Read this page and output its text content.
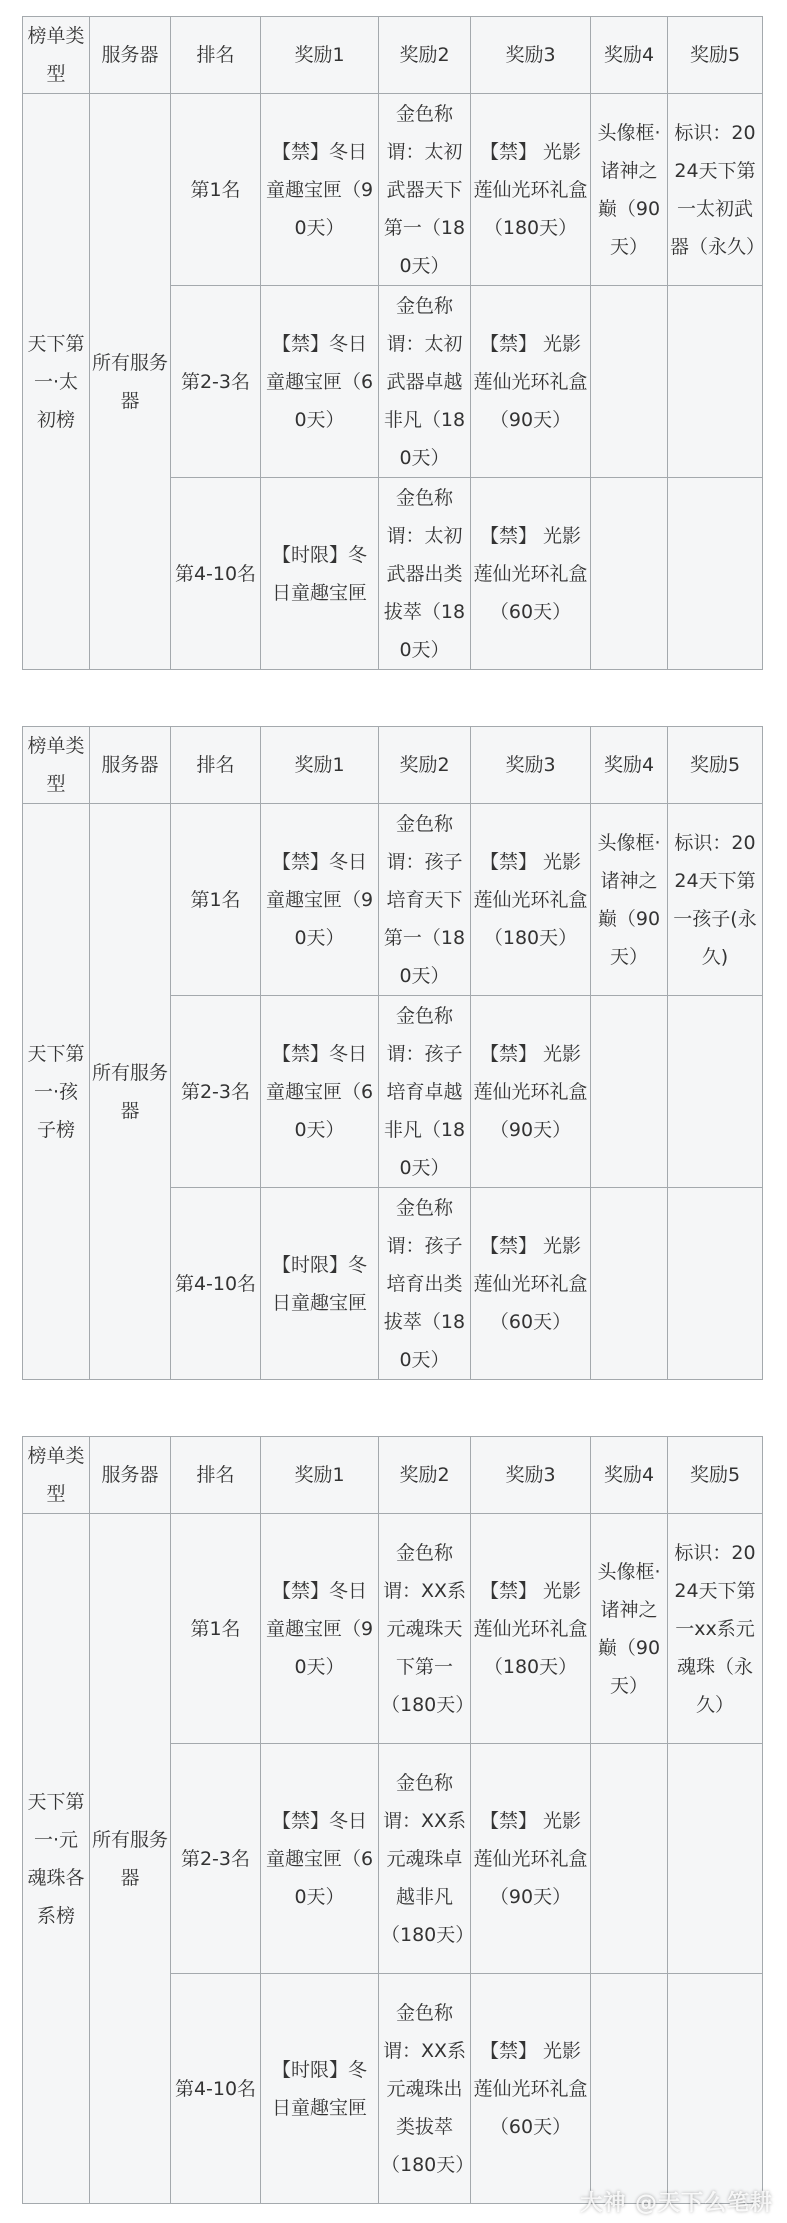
榜单类型	服务器	排名	奖励1	奖励2	奖励3	奖励4	奖励5
天下第一·太初榜	所有服务器	第1名	【禁】冬日童趣宝匣（90天）	金色称谓：太初武器天下第一（180天）	【禁】 光影莲仙光环礼盒（180天）	头像框·诸神之巅（90天）	标识：2024天下第一太初武器（永久）
		第2-3名	【禁】冬日童趣宝匣（60天）	金色称谓：太初武器卓越非凡（180天）	【禁】 光影莲仙光环礼盒（90天）		
		第4-10名	【时限】冬日童趣宝匣	金色称谓：太初武器出类拔萃（180天）	【禁】 光影莲仙光环礼盒（60天）		
榜单类型	服务器	排名	奖励1	奖励2	奖励3	奖励4	奖励5
天下第一·孩子榜	所有服务器	第1名	【禁】冬日童趣宝匣（90天）	金色称谓：孩子培育天下第一（180天）	【禁】 光影莲仙光环礼盒（180天）	头像框·诸神之巅（90天）	标识：2024天下第一孩子(永久)
		第2-3名	【禁】冬日童趣宝匣（60天）	金色称谓：孩子培育卓越非凡（180天）	【禁】 光影莲仙光环礼盒（90天）		
		第4-10名	【时限】冬日童趣宝匣	金色称谓：孩子培育出类拔萃（180天）	【禁】 光影莲仙光环礼盒（60天）		
榜单类型	服务器	排名	奖励1	奖励2	奖励3	奖励4	奖励5
天下第一·元魂珠各系榜	所有服务器	第1名	【禁】冬日童趣宝匣（90天）	金色称谓：XX系元魂珠天下第一（180天）	【禁】 光影莲仙光环礼盒（180天）	头像框·诸神之巅（90天）	标识：2024天下第一xx系元魂珠（永久）
		第2-3名	【禁】冬日童趣宝匣（60天）	金色称谓：XX系元魂珠卓越非凡（180天）	【禁】 光影莲仙光环礼盒（90天）		
		第4-10名	【时限】冬日童趣宝匣	金色称谓：XX系元魂珠出类拔萃（180天）	【禁】 光影莲仙光环礼盒（60天）		
大神 @天下么笔耕
